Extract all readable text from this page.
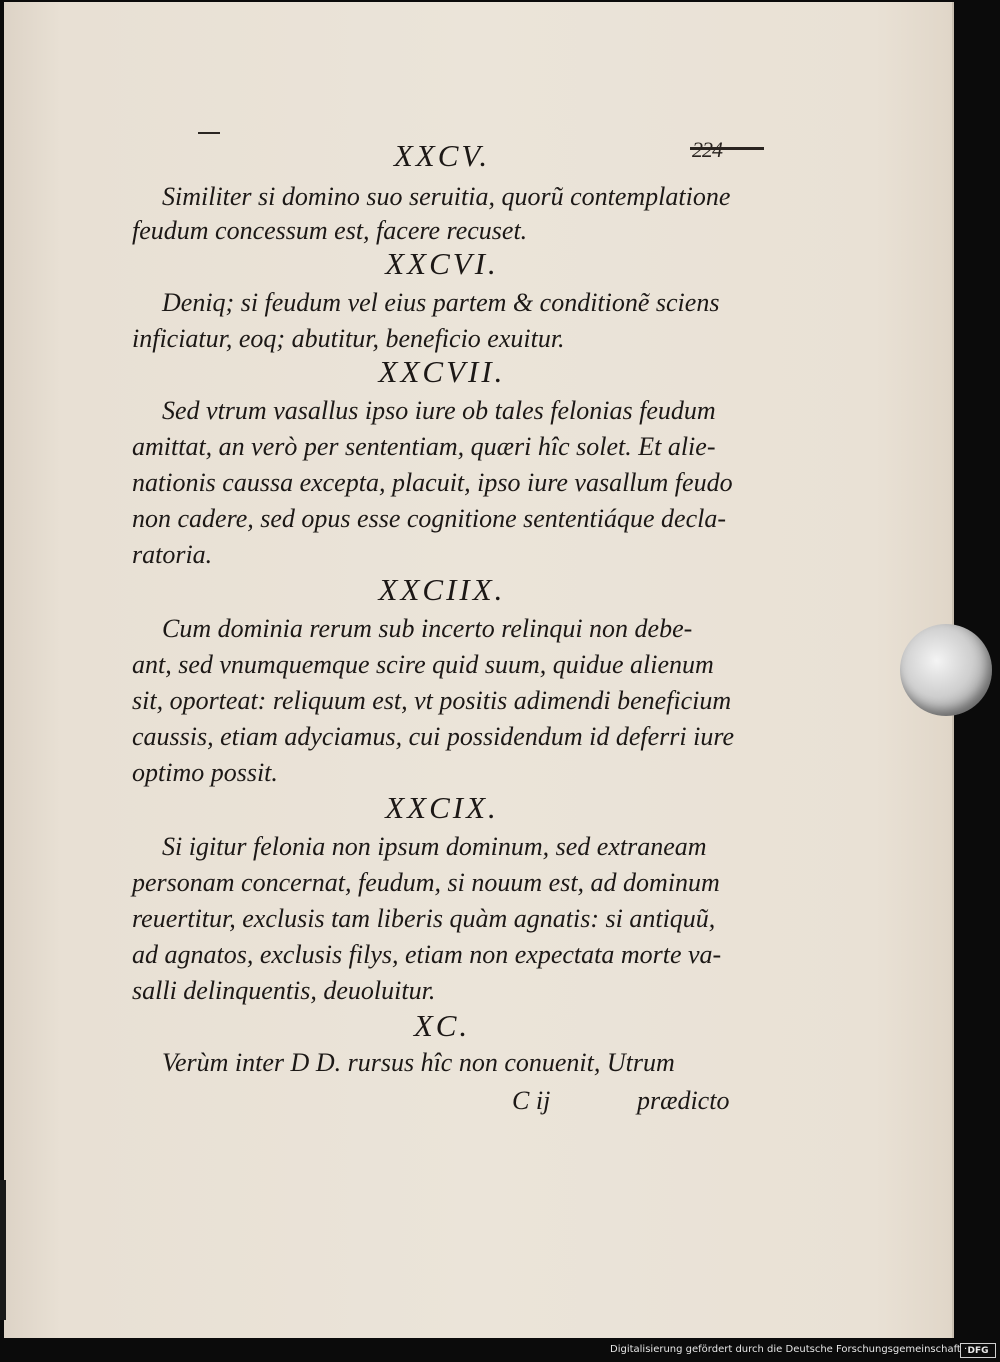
XXCV.
Similiter si domino suo seruitia, quorũ contemplatione
feudum concessum est, facere recuset.
XXCVI.
Deniq; si feudum vel eius partem & conditionẽ sciens
inficiatur, eoq; abutitur, beneficio exuitur.
XXCVII.
Sed vtrum vasallus ipso iure ob tales felonias feudum
amittat, an verò per sententiam, quæri hîc solet. Et alie-
nationis caussa excepta, placuit, ipso iure vasallum feudo
non cadere, sed opus esse cognitione sententiáque decla-
ratoria.
XXCIIX.
Cum dominia rerum sub incerto relinqui non debe-
ant, sed vnumquemque scire quid suum, quidue alienum
sit, oporteat: reliquum est, vt positis adimendi beneficium
caussis, etiam adyciamus, cui possidendum id deferri iure
optimo possit.
XXCIX.
Si igitur felonia non ipsum dominum, sed extraneam
personam concernat, feudum, si nouum est, ad dominum
reuertitur, exclusis tam liberis quàm agnatis: si antiquũ,
ad agnatos, exclusis filys, etiam non expectata morte va-
salli delinquentis, deuoluitur.
XC.
Verùm inter D D. rursus hîc non conuenit, Utrum
C ij	prædicto
Digitalisierung gefördert durch die Deutsche Forschungsgemeinschaft · DFG
